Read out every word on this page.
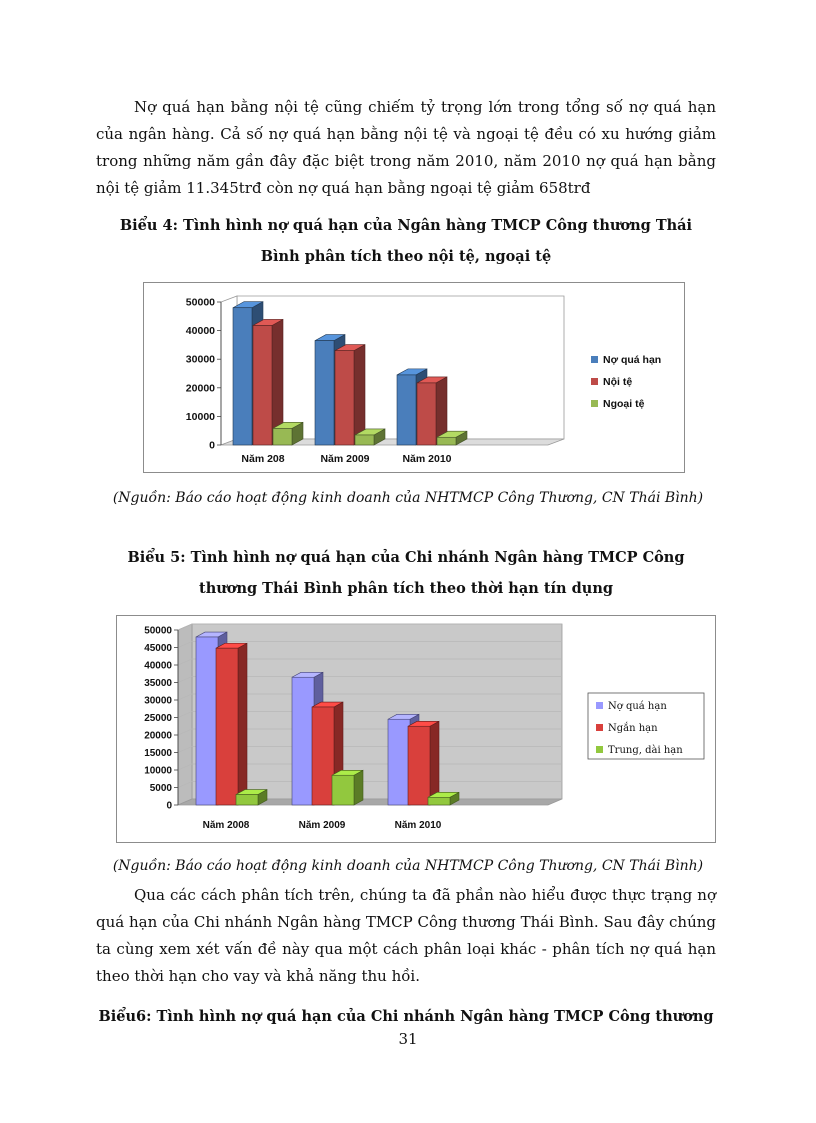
Nợ quá hạn bằng nội tệ cũng chiếm tỷ trọng lớn trong tổng số nợ quá hạn của ngân hàng. Cả số nợ quá hạn bằng nội tệ và ngoại tệ đều có xu hướng giảm trong những năm gần đây đặc biệt trong năm 2010, năm 2010 nợ quá hạn bằng nội tệ giảm 11.345trđ còn nợ quá hạn bằng ngoại tệ giảm 658trđ

Biểu 4: Tình hình nợ quá hạn của Ngân hàng TMCP Công thương Thái
Bình phân tích theo nội tệ, ngoại tệ

0
10000
20000
30000
40000
50000
Năm 208	Năm 2009	Năm 2010
Nợ quá hạn
Nội tệ
Ngoại tệ

(Nguồn: Báo cáo hoạt động kinh doanh của NHTMCP Công Thương, CN Thái Bình)

Biểu 5: Tình hình nợ quá hạn của Chi nhánh Ngân hàng TMCP Công
thương Thái Bình phân tích theo thời hạn tín dụng

0
5000
10000
15000
20000
25000
30000
35000
40000
45000
50000
Năm 2008	Năm 2009	Năm 2010
Nợ quá hạn
Ngắn hạn
Trung, dài hạn

(Nguồn: Báo cáo hoạt động kinh doanh của NHTMCP Công Thương, CN Thái Bình)

Qua các cách phân tích trên, chúng ta đã phần nào hiểu được thực trạng nợ quá hạn của Chi nhánh Ngân hàng TMCP Công thương Thái Bình. Sau đây chúng ta cùng xem xét vấn đề này qua một cách phân loại khác - phân tích nợ quá hạn theo thời hạn cho vay và khả năng thu hồi.

Biểu6: Tình hình nợ quá hạn của Chi nhánh Ngân hàng TMCP Công thương

31
